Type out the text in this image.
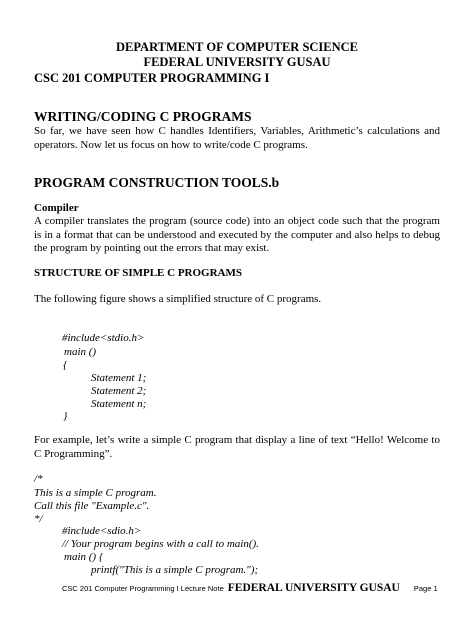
DEPARTMENT OF COMPUTER SCIENCE
FEDERAL UNIVERSITY GUSAU
CSC 201 COMPUTER PROGRAMMING I
WRITING/CODING C PROGRAMS
So far, we have seen how C handles Identifiers, Variables, Arithmetic’s calculations and operators. Now let us focus on how to write/code C programs.
PROGRAM CONSTRUCTION TOOLS.b
Compiler
A compiler translates the program (source code) into an object code such that the program is in a format that can be understood and executed by the computer and also helps to debug the program by pointing out the errors that may exist.
STRUCTURE OF SIMPLE C PROGRAMS
The following figure shows a simplified structure of C programs.
#include<stdio.h>
main ()
{
Statement 1;
Statement 2;
Statement n;
}
For example, let’s write a simple C program that display a line of text “Hello! Welcome to C Programming”.
/*
This is a simple C program.
Call this file "Example.c".
*/
#include<sdio.h>
// Your program begins with a call to main().
main () {
printf("This is a simple C program.");
CSC 201 Computer Programming I Lecture Note FEDERAL UNIVERSITY GUSAU Page 1
